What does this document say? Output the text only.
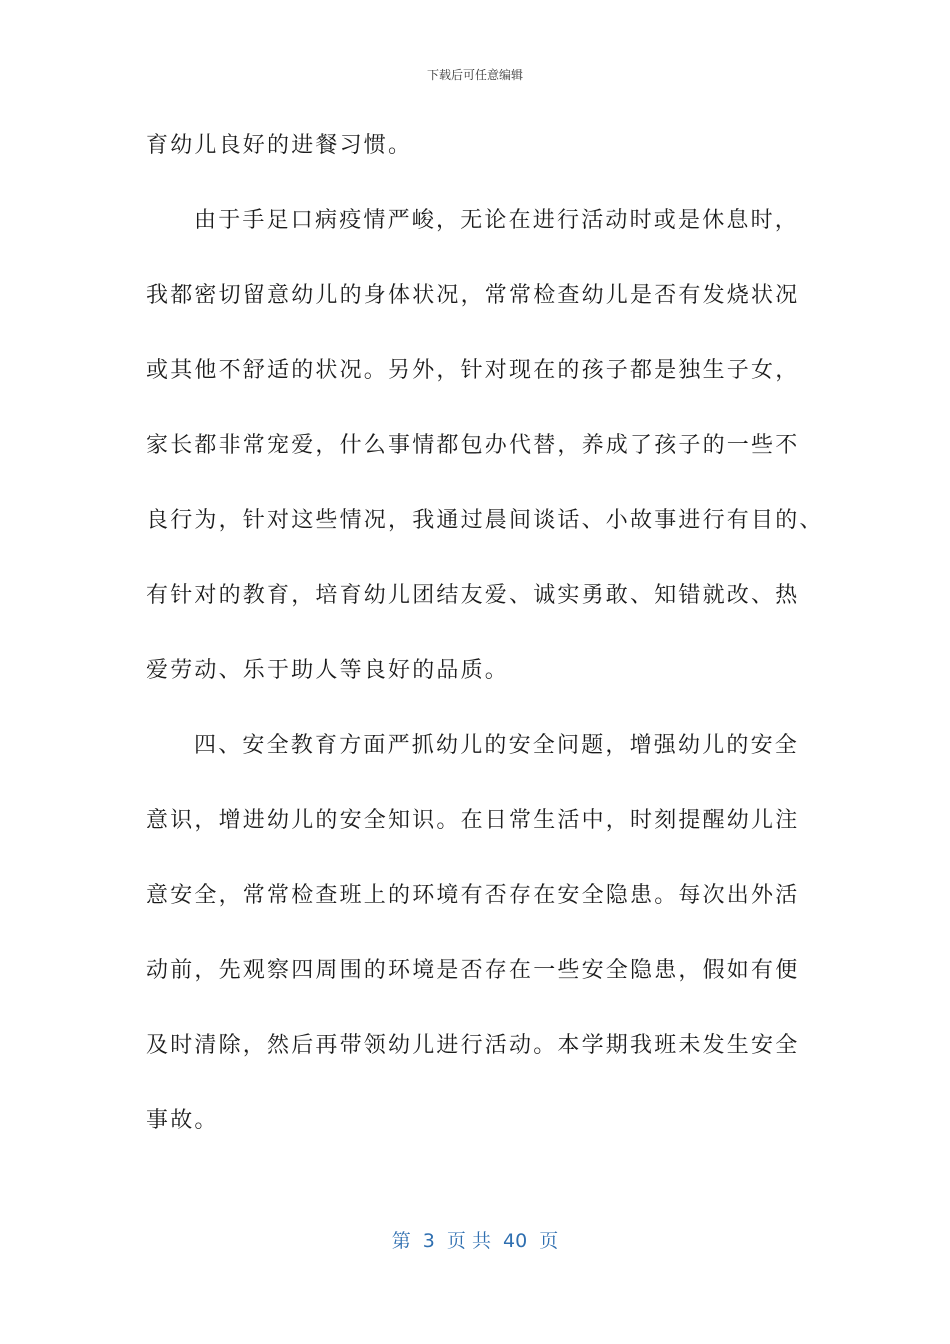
下载后可任意编辑
育幼儿良好的进餐习惯。
由于手足口病疫情严峻，无论在进行活动时或是休息时，
我都密切留意幼儿的身体状况，常常检查幼儿是否有发烧状况
或其他不舒适的状况。另外，针对现在的孩子都是独生子女，
家长都非常宠爱，什么事情都包办代替，养成了孩子的一些不
良行为，针对这些情况，我通过晨间谈话、小故事进行有目的、
有针对的教育，培育幼儿团结友爱、诚实勇敢、知错就改、热
爱劳动、乐于助人等良好的品质。
四、安全教育方面严抓幼儿的安全问题，增强幼儿的安全
意识，增进幼儿的安全知识。在日常生活中，时刻提醒幼儿注
意安全，常常检查班上的环境有否存在安全隐患。每次出外活
动前，先观察四周围的环境是否存在一些安全隐患，假如有便
及时清除，然后再带领幼儿进行活动。本学期我班未发生安全
事故。
第  3  页 共  40  页
